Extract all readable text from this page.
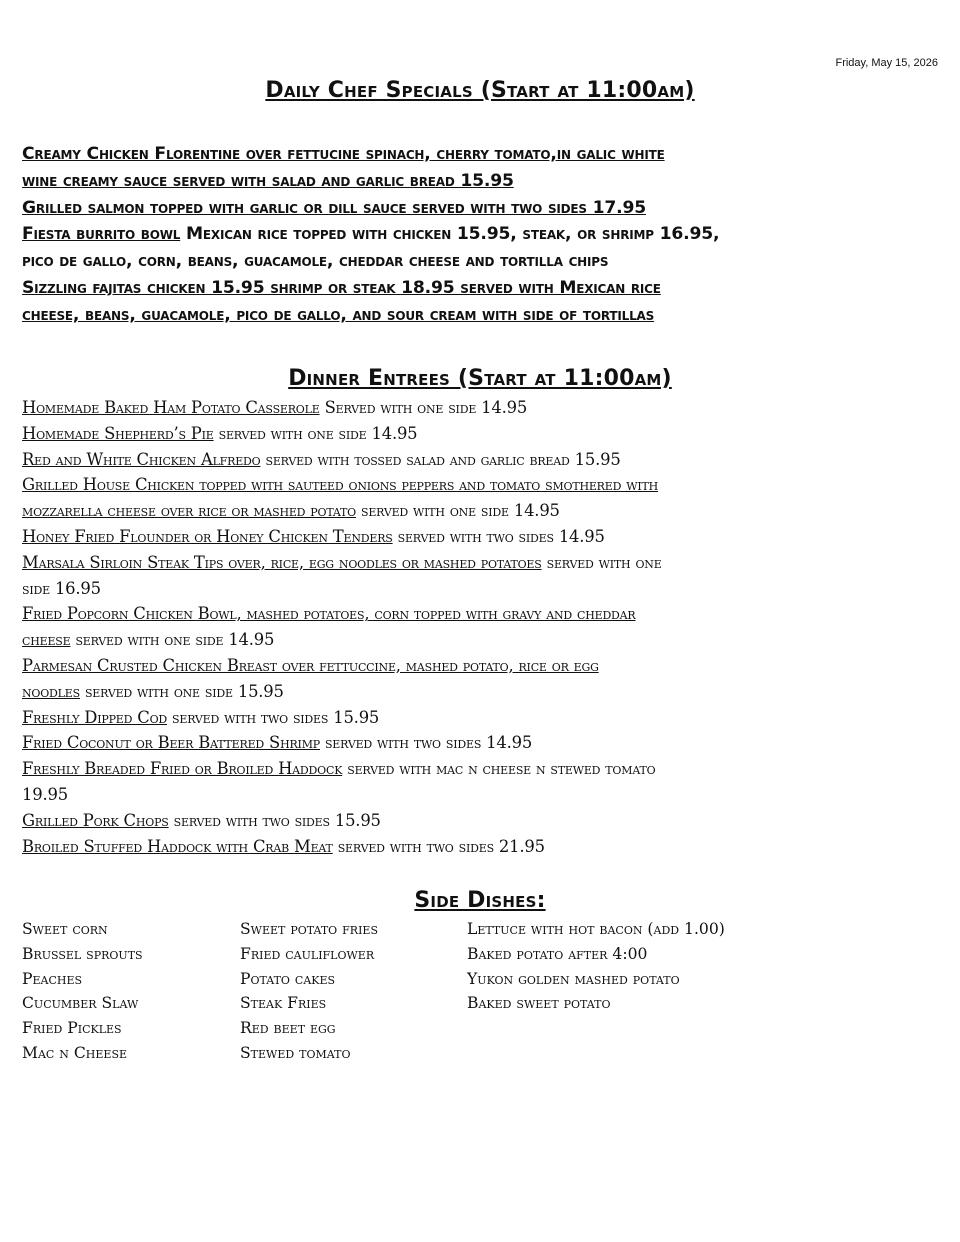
Friday, May 15, 2026
Daily Chef Specials (Start at 11:00am)
Creamy Chicken Florentine over fettucine spinach, cherry tomato,in galic white
wine creamy sauce served with salad and garlic bread 15.95
Grilled salmon topped with garlic or dill sauce served with two sides 17.95
Fiesta burrito bowl Mexican rice topped with chicken 15.95, steak, or shrimp 16.95,
pico de gallo, corn, beans, guacamole, cheddar cheese and tortilla chips
Sizzling fajitas chicken 15.95 shrimp or steak 18.95 served with Mexican rice
cheese, beans, guacamole, pico de gallo, and sour cream with side of tortillas
Dinner Entrees (Start at 11:00am)
Homemade Baked Ham Potato Casserole Served with one side 14.95
Homemade Shepherd’s Pie served with one side 14.95
Red and White Chicken Alfredo served with tossed salad and garlic bread 15.95
Grilled House Chicken topped with sauteed onions peppers and tomato smothered with
mozzarella cheese over rice or mashed potato served with one side 14.95
Honey Fried Flounder or Honey Chicken Tenders served with two sides 14.95
Marsala Sirloin Steak Tips over, rice, egg noodles or mashed potatoes served with one
side 16.95
Fried Popcorn Chicken Bowl, mashed potatoes, corn topped with gravy and cheddar
cheese served with one side 14.95
Parmesan Crusted Chicken Breast over fettuccine, mashed potato, rice or egg
noodles served with one side 15.95
Freshly Dipped Cod served with two sides 15.95
Fried Coconut or Beer Battered Shrimp served with two sides 14.95
Freshly Breaded Fried or Broiled Haddock served with mac n cheese n stewed tomato
19.95
Grilled Pork Chops served with two sides 15.95
Broiled Stuffed Haddock with Crab Meat served with two sides 21.95
Side Dishes:
Sweet corn
Brussel sprouts
Peaches
Cucumber Slaw
Fried Pickles
Mac n Cheese
Sweet potato fries
Fried cauliflower
Potato cakes
Steak Fries
Red beet egg
Stewed tomato
Lettuce with hot bacon (add 1.00)
Baked potato after 4:00
Yukon golden mashed potato
Baked sweet potato
